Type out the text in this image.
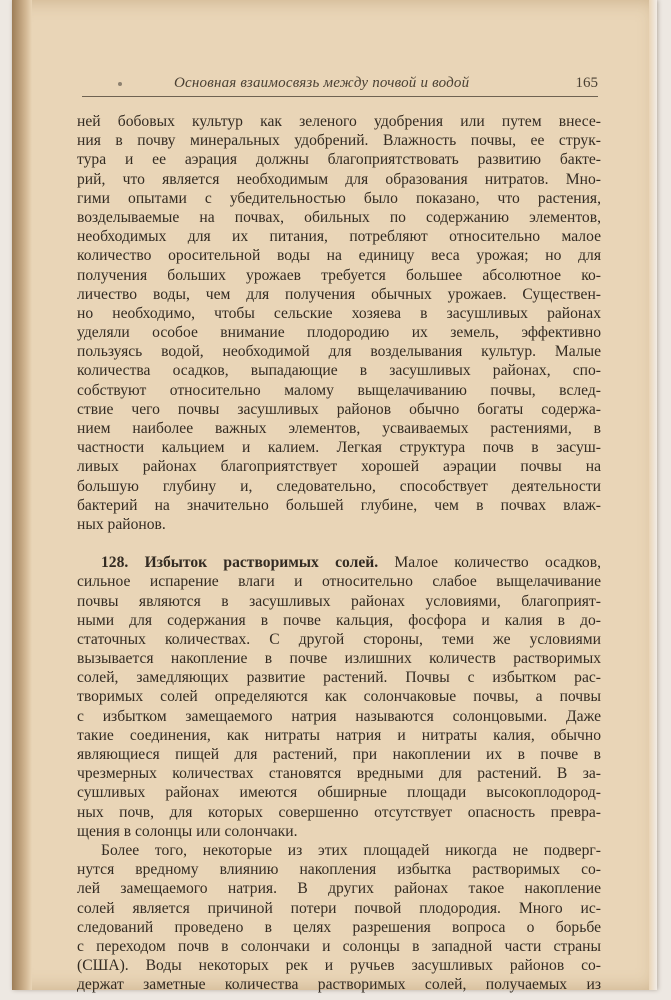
Основная взаимосвязь между почвой и водой	165
ней бобовых культур как зеленого удобрения или путем внесе-
ния в почву минеральных удобрений. Влажность почвы, ее струк-
тура и ее аэрация должны благоприятствовать развитию бакте-
рий, что является необходимым для образования нитратов. Мно-
гими опытами с убедительностью было показано, что растения,
возделываемые на почвах, обильных по содержанию элементов,
необходимых для их питания, потребляют относительно малое
количество оросительной воды на единицу веса урожая; но для
получения больших урожаев требуется большее абсолютное ко-
личество воды, чем для получения обычных урожаев. Существен-
но необходимо, чтобы сельские хозяева в засушливых районах
уделяли особое внимание плодородию их земель, эффективно
пользуясь водой, необходимой для возделывания культур. Малые
количества осадков, выпадающие в засушливых районах, спо-
собствуют относительно малому выщелачиванию почвы, вслед-
ствие чего почвы засушливых районов обычно богаты содержа-
нием наиболее важных элементов, усваиваемых растениями, в
частности кальцием и калием. Легкая структура почв в засуш-
ливых районах благоприятствует хорошей аэрации почвы на
большую глубину и, следовательно, способствует деятельности
бактерий на значительно большей глубине, чем в почвах влаж-
ных районов.
128. Избыток растворимых солей. Малое количество осадков,
сильное испарение влаги и относительно слабое выщелачивание
почвы являются в засушливых районах условиями, благоприят-
ными для содержания в почве кальция, фосфора и калия в до-
статочных количествах. С другой стороны, теми же условиями
вызывается накопление в почве излишних количеств растворимых
солей, замедляющих развитие растений. Почвы с избытком рас-
творимых солей определяются как солончаковые почвы, а почвы
с избытком замещаемого натрия называются солонцовыми. Даже
такие соединения, как нитраты натрия и нитраты калия, обычно
являющиеся пищей для растений, при накоплении их в почве в
чрезмерных количествах становятся вредными для растений. В за-
сушливых районах имеются обширные площади высокоплодород-
ных почв, для которых совершенно отсутствует опасность превра-
щения в солонцы или солончаки.
Более того, некоторые из этих площадей никогда не подверг-
нутся вредному влиянию накопления избытка растворимых со-
лей замещаемого натрия. В других районах такое накопление
солей является причиной потери почвой плодородия. Много ис-
следований проведено в целях разрешения вопроса о борьбе
с переходом почв в солончаки и солонцы в западной части страны
(США). Воды некоторых рек и ручьев засушливых районов со-
держат заметные количества растворимых солей, получаемых из
